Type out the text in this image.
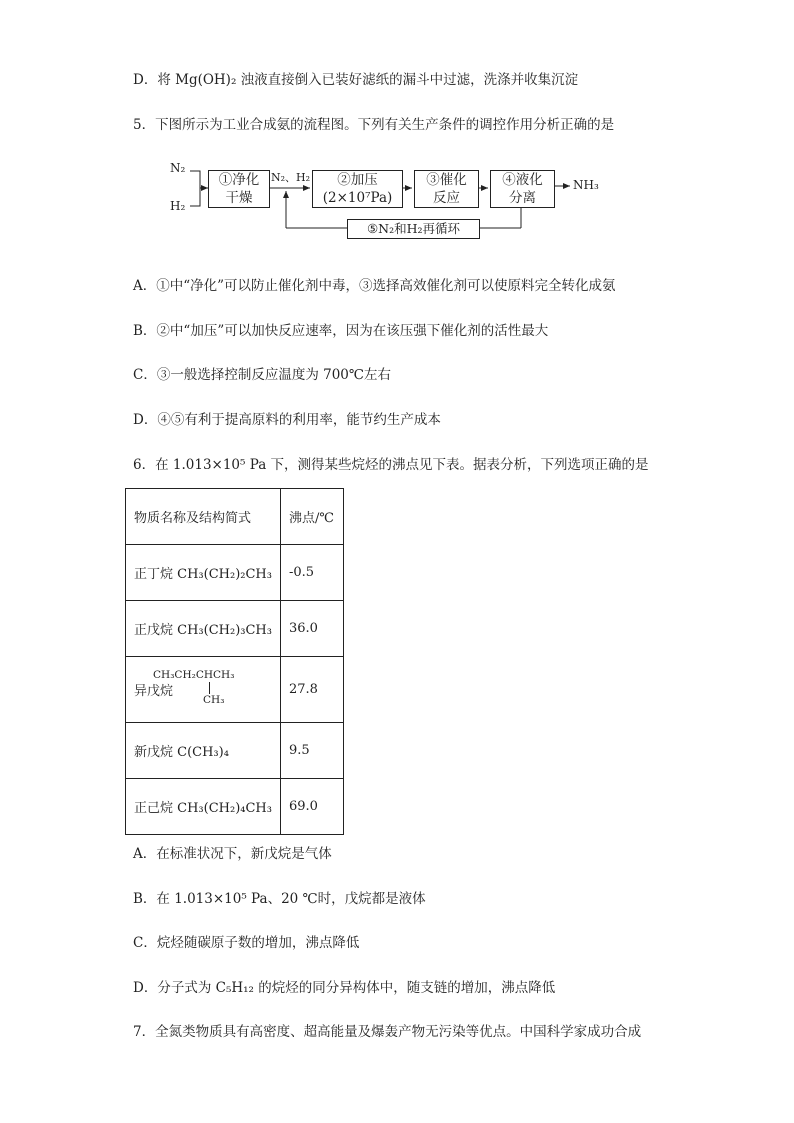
D．将 Mg(OH)₂ 浊液直接倒入已装好滤纸的漏斗中过滤，洗涤并收集沉淀
5．下图所示为工业合成氨的流程图。下列有关生产条件的调控作用分析正确的是
N₂
H₂
①净化
干燥
N₂、H₂ ②加压
(2×10⁷Pa)
③催化
反应
④液化
分离
NH₃
⑤N₂和H₂再循环
A．①中“净化”可以防止催化剂中毒，③选择高效催化剂可以使原料完全转化成氨
B．②中“加压”可以加快反应速率，因为在该压强下催化剂的活性最大
C．③一般选择控制反应温度为 700℃左右
D．④⑤有利于提高原料的利用率，能节约生产成本
6．在 1.013×10⁵ Pa 下，测得某些烷烃的沸点见下表。据表分析，下列选项正确的是
物质名称及结构简式	沸点/℃
正丁烷 CH₃(CH₂)₂CH₃	-0.5
正戊烷 CH₃(CH₂)₃CH₃	36.0

异戊烷
CH₃CH₂CHCH₃
CH₃	27.8
新戊烷 C(CH₃)₄	9.5
正己烷 CH₃(CH₂)₄CH₃	69.0
A．在标准状况下，新戊烷是气体
B．在 1.013×10⁵ Pa、20 ℃时，戊烷都是液体
C．烷烃随碳原子数的增加，沸点降低
D．分子式为 C₅H₁₂ 的烷烃的同分异构体中，随支链的增加，沸点降低
7．全氮类物质具有高密度、超高能量及爆轰产物无污染等优点。中国科学家成功合成
